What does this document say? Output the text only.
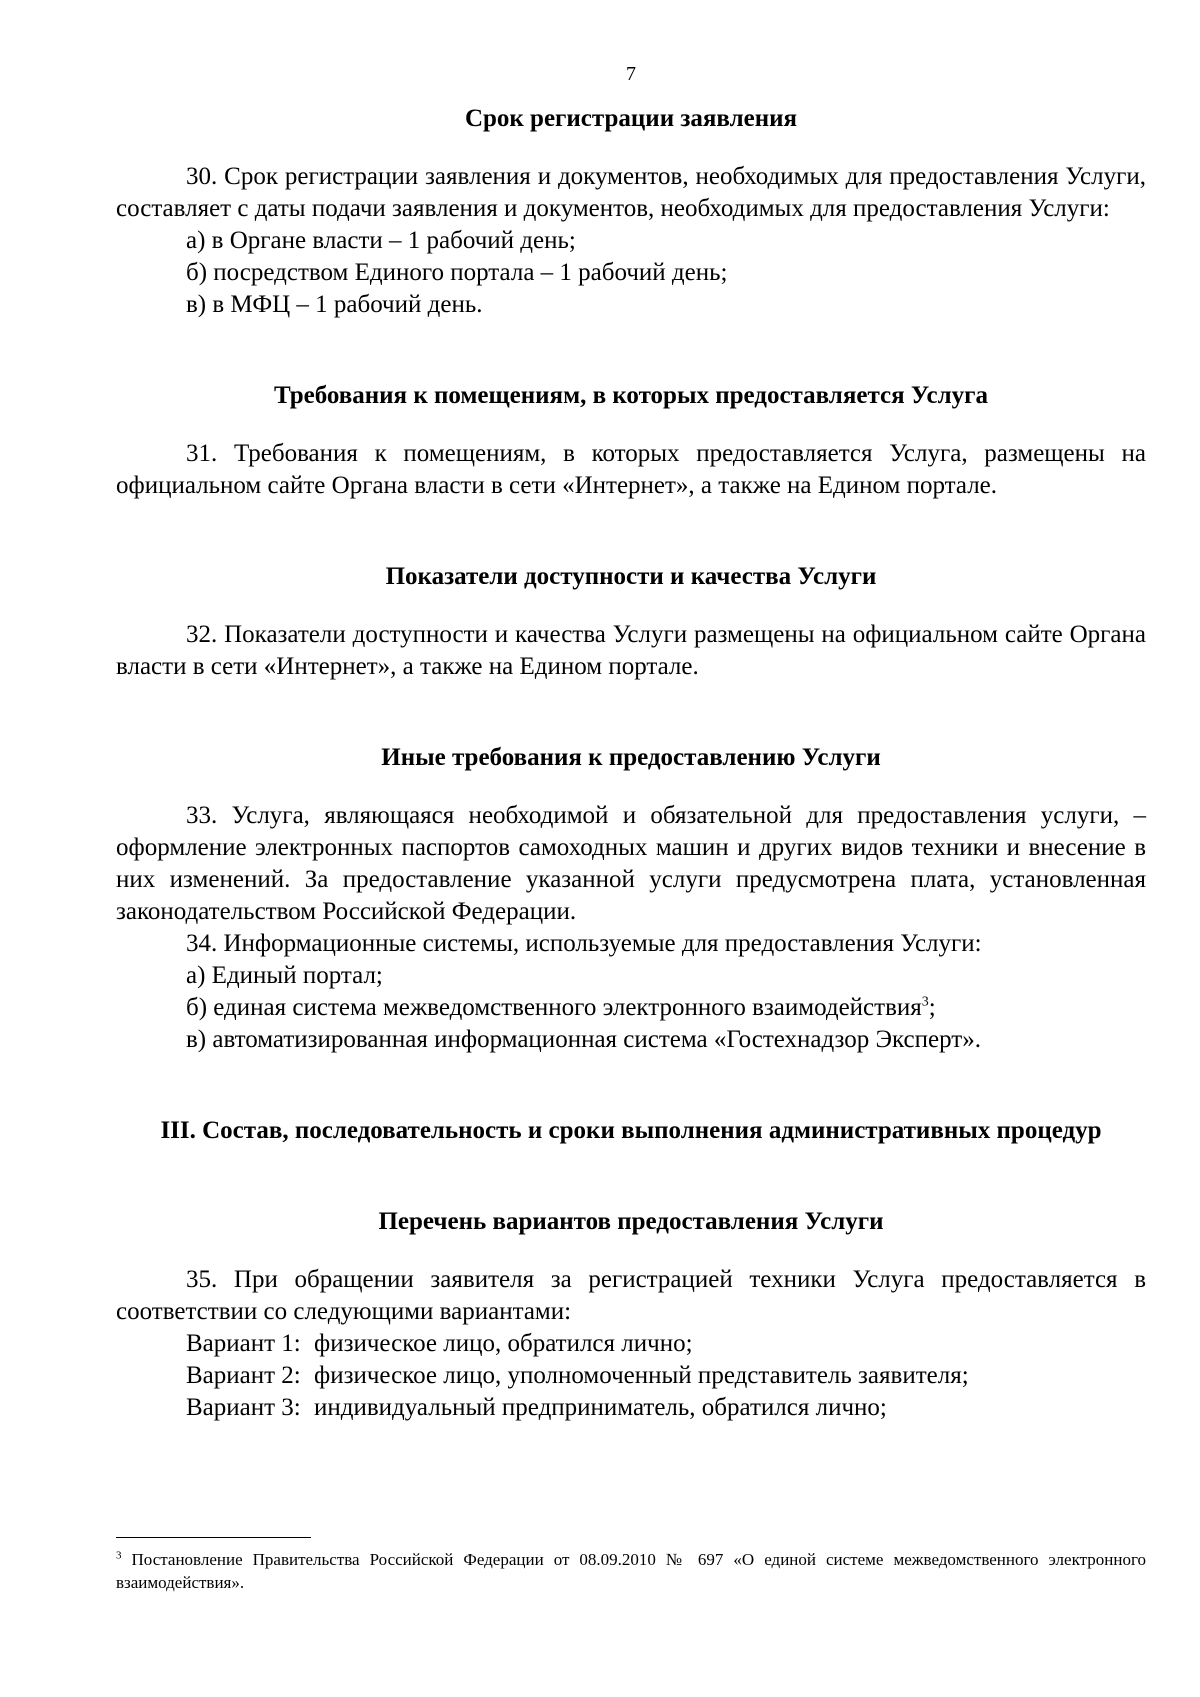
7
Срок регистрации заявления

30. Срок регистрации заявления и документов, необходимых для предоставления Услуги, составляет с даты подачи заявления и документов, необходимых для предоставления Услуги:

а) в Органе власти – 1 рабочий день;

б) посредством Единого портала – 1 рабочий день;

в) в МФЦ – 1 рабочий день.

Требования к помещениям, в которых предоставляется Услуга

31. Требования к помещениям, в которых предоставляется Услуга, размещены на официальном сайте Органа власти в сети «Интернет», а также на Едином портале.

Показатели доступности и качества Услуги

32. Показатели доступности и качества Услуги размещены на официальном сайте Органа власти в сети «Интернет», а также на Едином портале.

Иные требования к предоставлению Услуги

33. Услуга, являющаяся необходимой и обязательной для предоставления услуги, – оформление электронных паспортов самоходных машин и других видов техники и внесение в них изменений. За предоставление указанной услуги предусмотрена плата, установленная законодательством Российской Федерации.

34. Информационные системы, используемые для предоставления Услуги:

а) Единый портал;

б) единая система межведомственного электронного взаимодействия$^3$;

в) автоматизированная информационная система «Гостехнадзор Эксперт».

III. Состав, последовательность и сроки выполнения административных процедур
Перечень вариантов предоставления Услуги

35. При обращении заявителя за регистрацией техники Услуга предоставляется в соответствии со следующими вариантами:

Вариант 1: физическое лицо, обратился лично;

Вариант 2: физическое лицо, уполномоченный представитель заявителя;

Вариант 3: индивидуальный предприниматель, обратился лично;

$^3$ Постановление Правительства Российской Федерации от 08.09.2010 № 697 «О единой системе межведомственного электронного взаимодействия».
